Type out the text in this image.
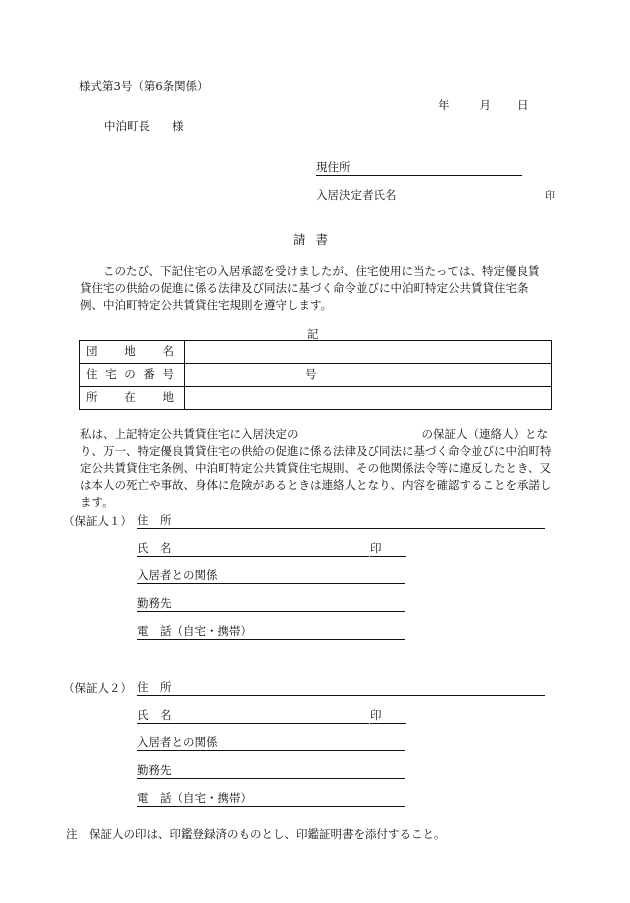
様式第3号（第6条関係）
年	月 日
中泊町長 様
現住所
入居決定者氏名	印
請書

このたび、下記住宅の入居承認を受けましたが、住宅使用に当たっては、特定優良賃貸住宅の供給の促進に係る法律及び同法に基づく命令並びに中泊町特定公共賃貸住宅条例、中泊町特定公共賃貸住宅規則を遵守します。

記
団 地 名	

住 宅 の 番 号	号

所 在 地	

私は、上記特定公共賃貸住宅に入居決定の	の保証人（連絡人）となり、万一、特定優良賃貸住宅の供給の促進に係る法律及び同法に基づく命令並びに中泊町特定公共賃貸住宅条例、中泊町特定公共賃貸住宅規則、その他関係法令等に違反したとき、又は本人の死亡や事故、身体に危険があるときは連絡人となり、内容を確認することを承諾します。

（保証人１） 住　所
氏　名	印
入居者との関係
勤務先
電　話（自宅・携帯）
（保証人２） 住　所
氏　名	印
入居者との関係
勤務先
電　話（自宅・携帯）
注　保証人の印は、印鑑登録済のものとし、印鑑証明書を添付すること。
